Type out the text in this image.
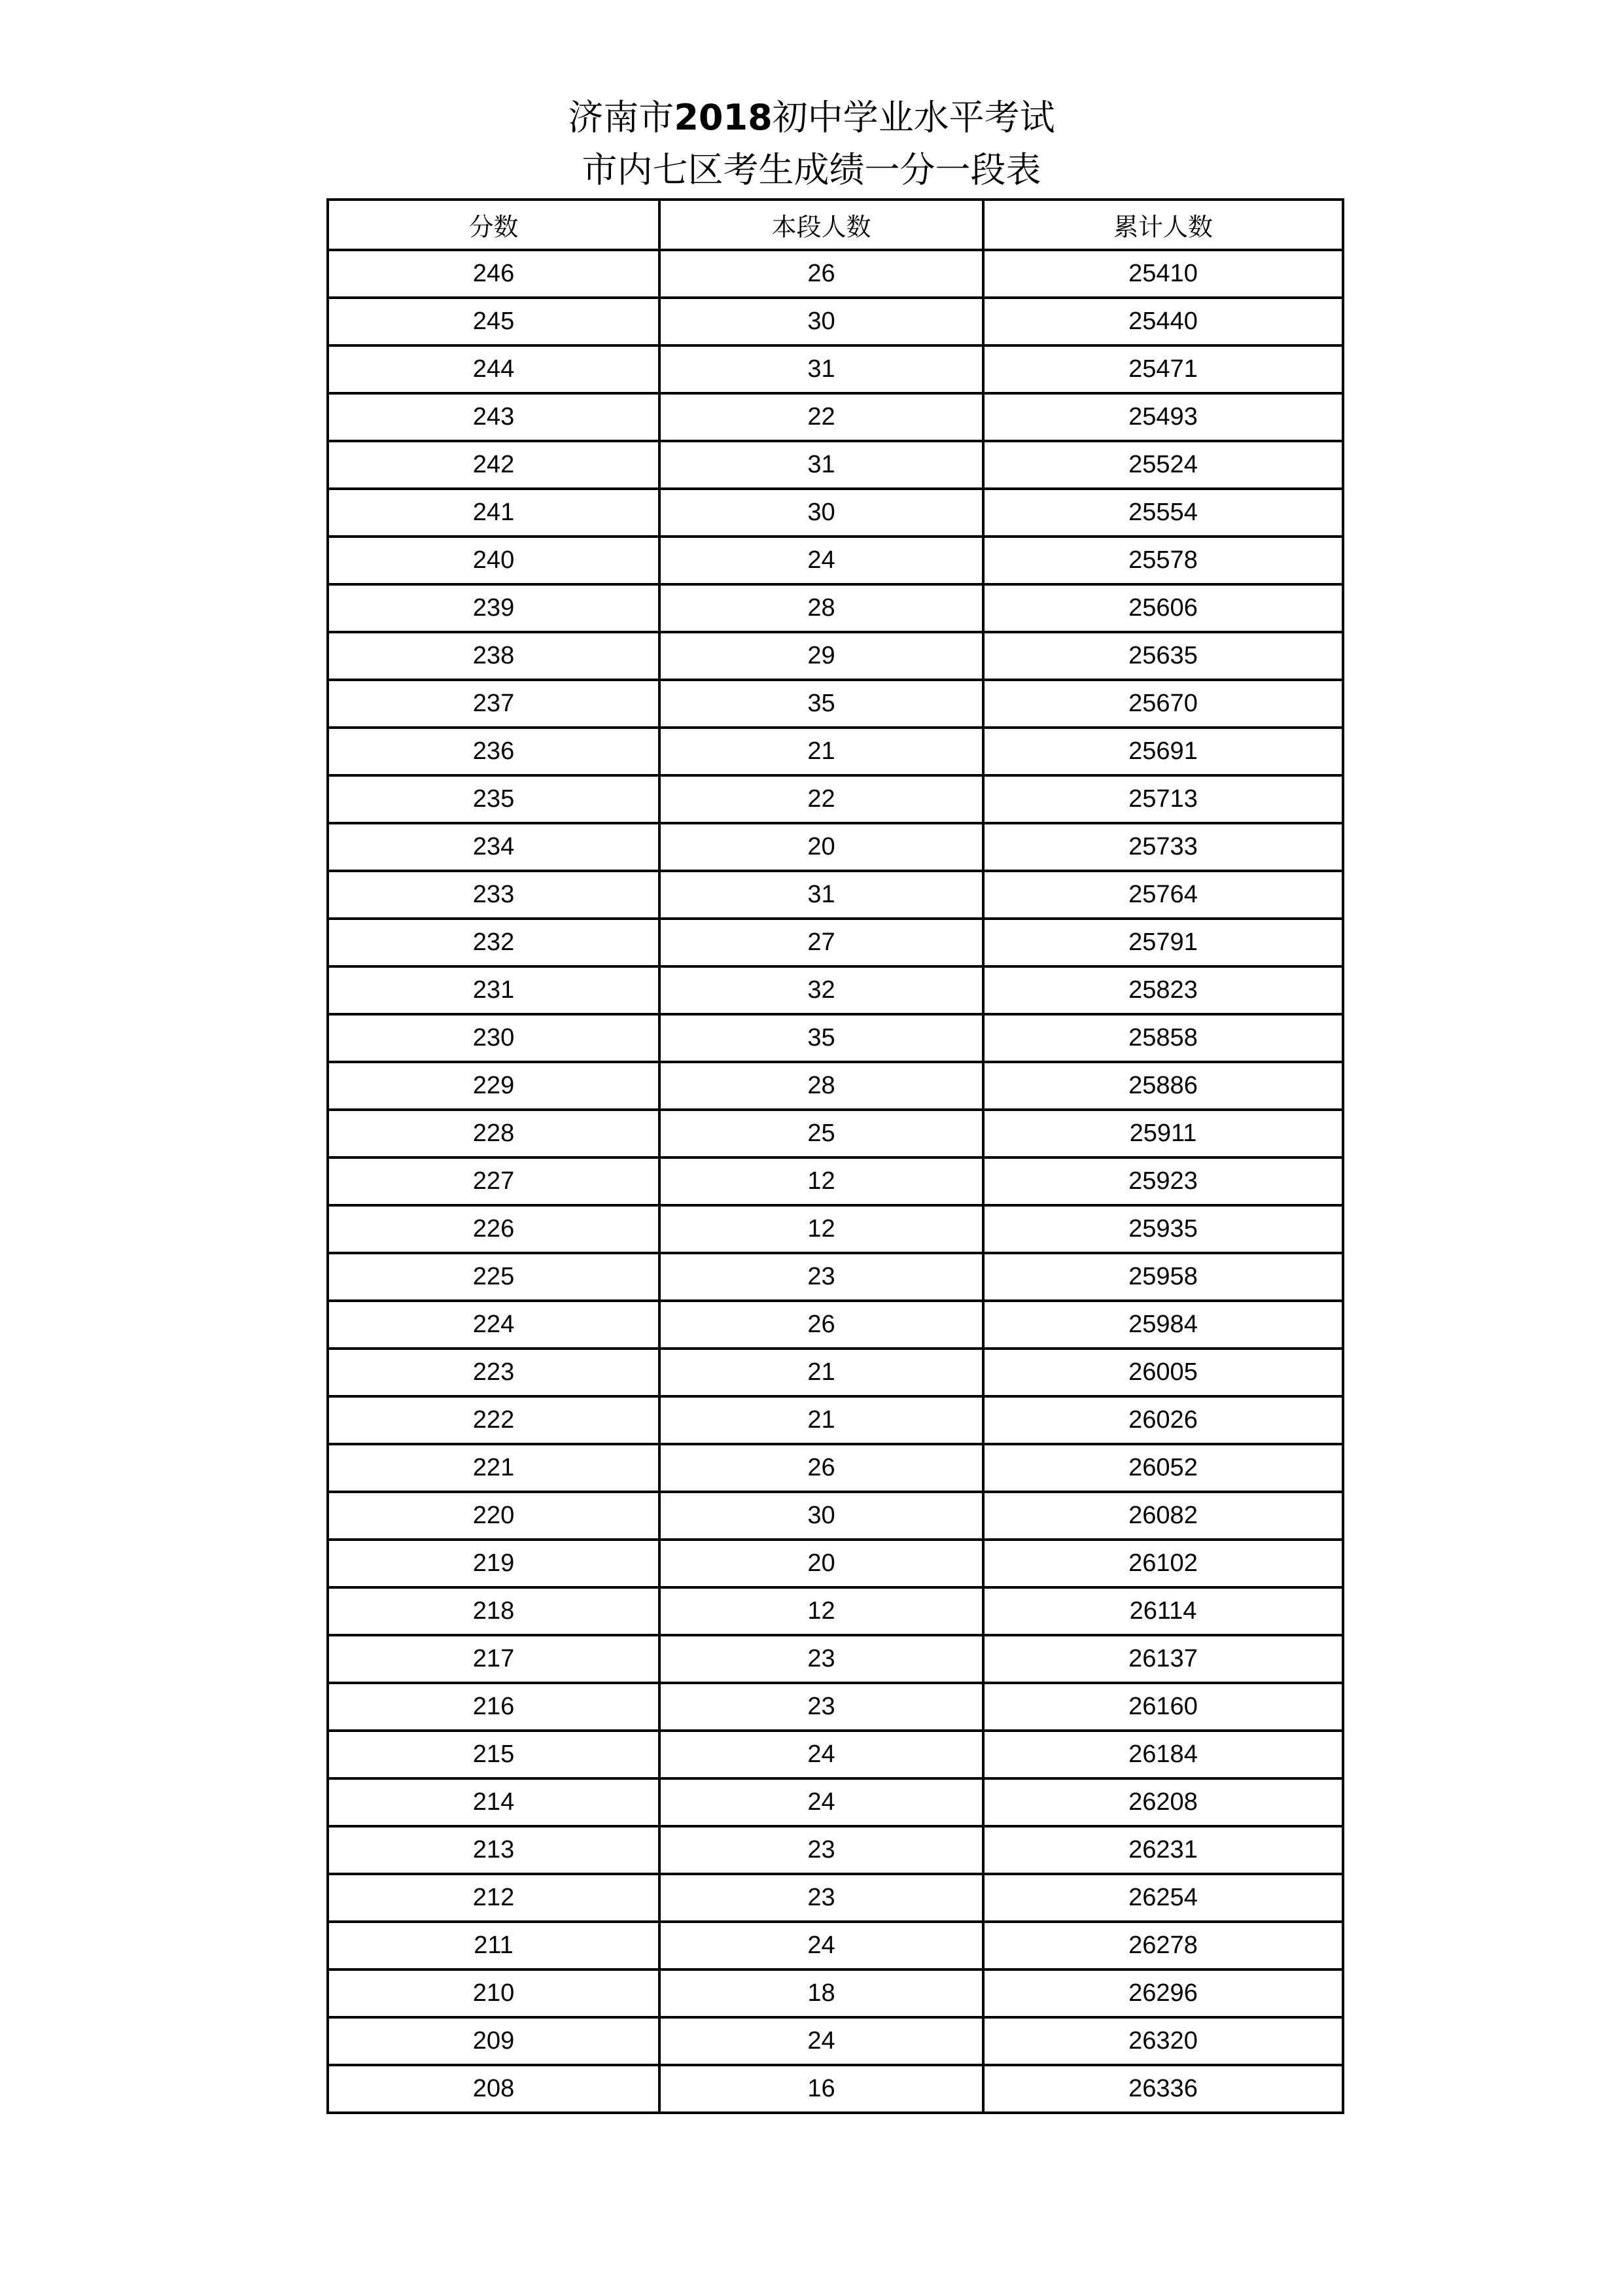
济南市2018初中学业水平考试
市内七区考生成绩一分一段表
分数	本段人数	累计人数
246	26	25410
245	30	25440
244	31	25471
243	22	25493
242	31	25524
241	30	25554
240	24	25578
239	28	25606
238	29	25635
237	35	25670
236	21	25691
235	22	25713
234	20	25733
233	31	25764
232	27	25791
231	32	25823
230	35	25858
229	28	25886
228	25	25911
227	12	25923
226	12	25935
225	23	25958
224	26	25984
223	21	26005
222	21	26026
221	26	26052
220	30	26082
219	20	26102
218	12	26114
217	23	26137
216	23	26160
215	24	26184
214	24	26208
213	23	26231
212	23	26254
211	24	26278
210	18	26296
209	24	26320
208	16	26336
